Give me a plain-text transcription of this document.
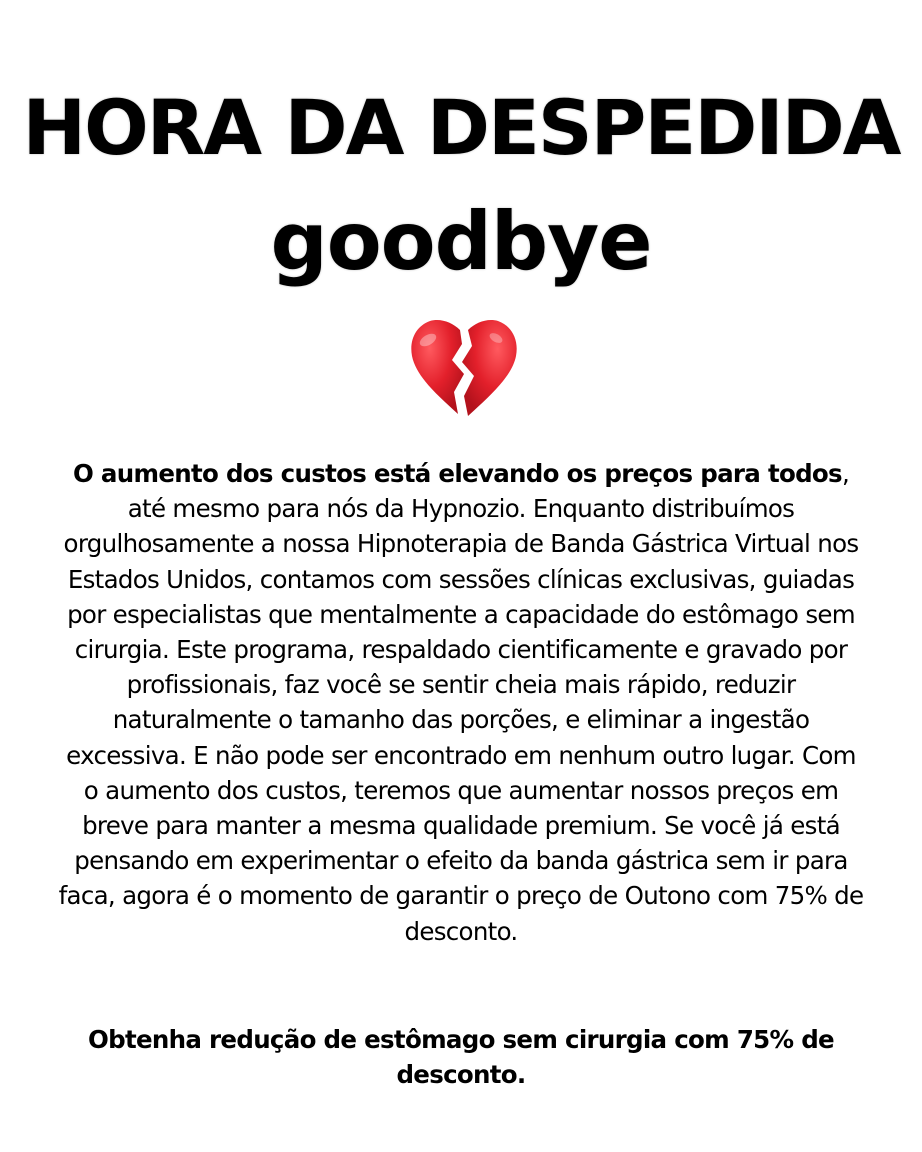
HORA DA DESPEDIDA
goodbye

O aumento dos custos está elevando os preços para todos, até mesmo para nós da Hypnozio. Enquanto distribuímos orgulhosamente a nossa Hipnoterapia de Banda Gástrica Virtual nos Estados Unidos, contamos com sessões clínicas exclusivas, guiadas por especialistas que mentalmente a capacidade do estômago sem cirurgia. Este programa, respaldado cientificamente e gravado por profissionais, faz você se sentir cheia mais rápido, reduzir naturalmente o tamanho das porções, e eliminar a ingestão excessiva. E não pode ser encontrado em nenhum outro lugar. Com o aumento dos custos, teremos que aumentar nossos preços em breve para manter a mesma qualidade premium. Se você já está pensando em experimentar o efeito da banda gástrica sem ir para faca, agora é o momento de garantir o preço de Outono com 75% de desconto.

Obtenha redução de estômago sem cirurgia com 75% de desconto.
